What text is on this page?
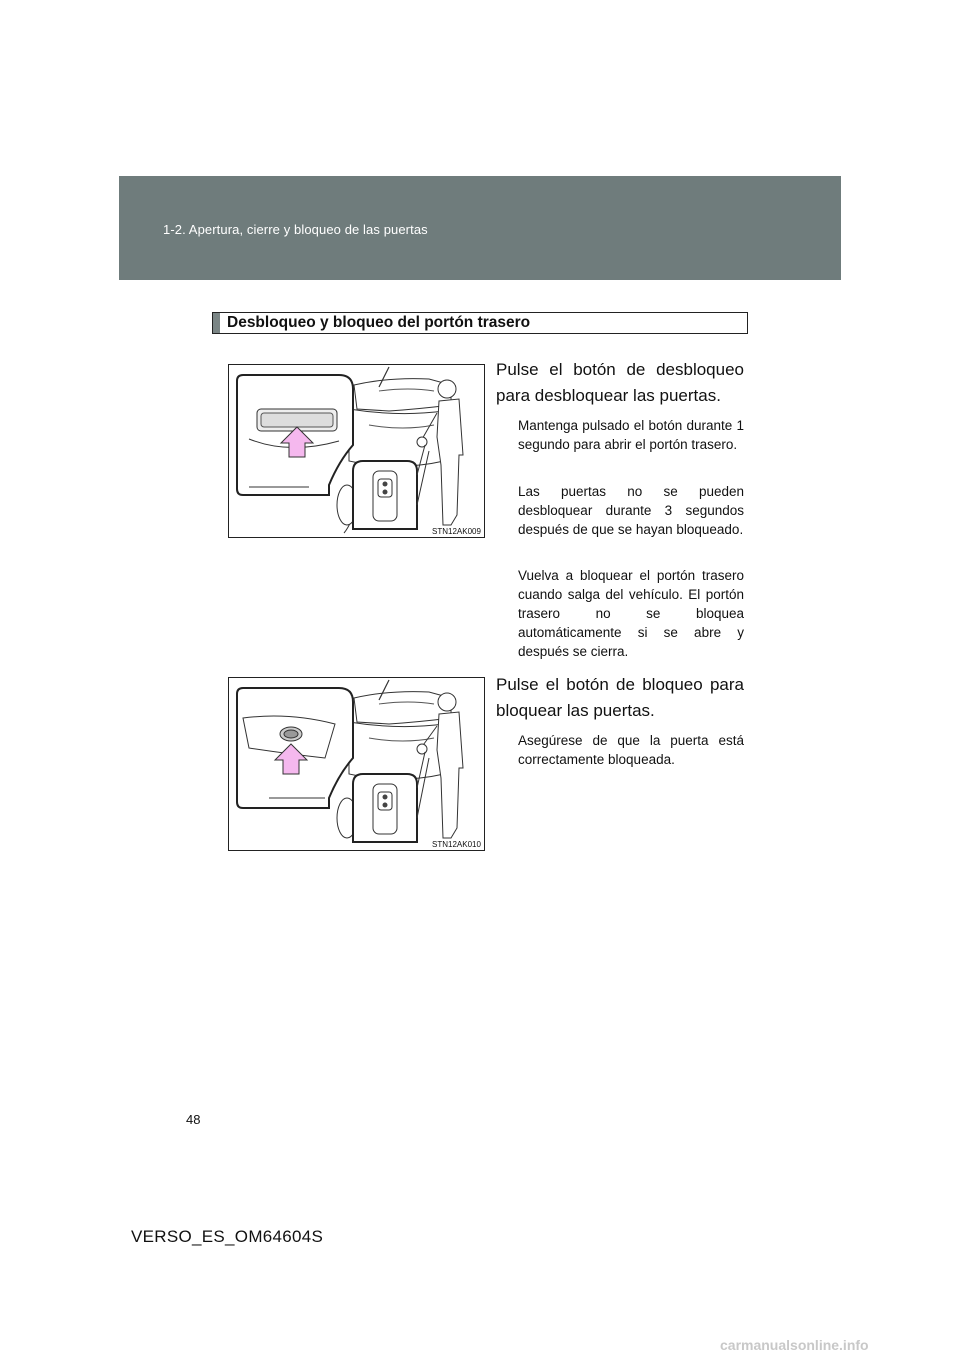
1-2. Apertura, cierre y bloqueo de las puertas
Desbloqueo y bloqueo del portón trasero
STN12AK009
STN12AK010
Pulse el botón de desbloqueo para desbloquear las puertas.
Mantenga pulsado el botón durante 1 segundo para abrir el portón trasero.
Las puertas no se pueden desbloquear durante 3 segundos después de que se hayan bloqueado.
Vuelva a bloquear el portón trasero cuando salga del vehículo. El portón trasero no se bloquea automáticamente si se abre y después se cierra.
Pulse el botón de bloqueo para bloquear las puertas.
Asegúrese de que la puerta está correctamente bloqueada.
48
VERSO_ES_OM64604S
carmanualsonline.info
